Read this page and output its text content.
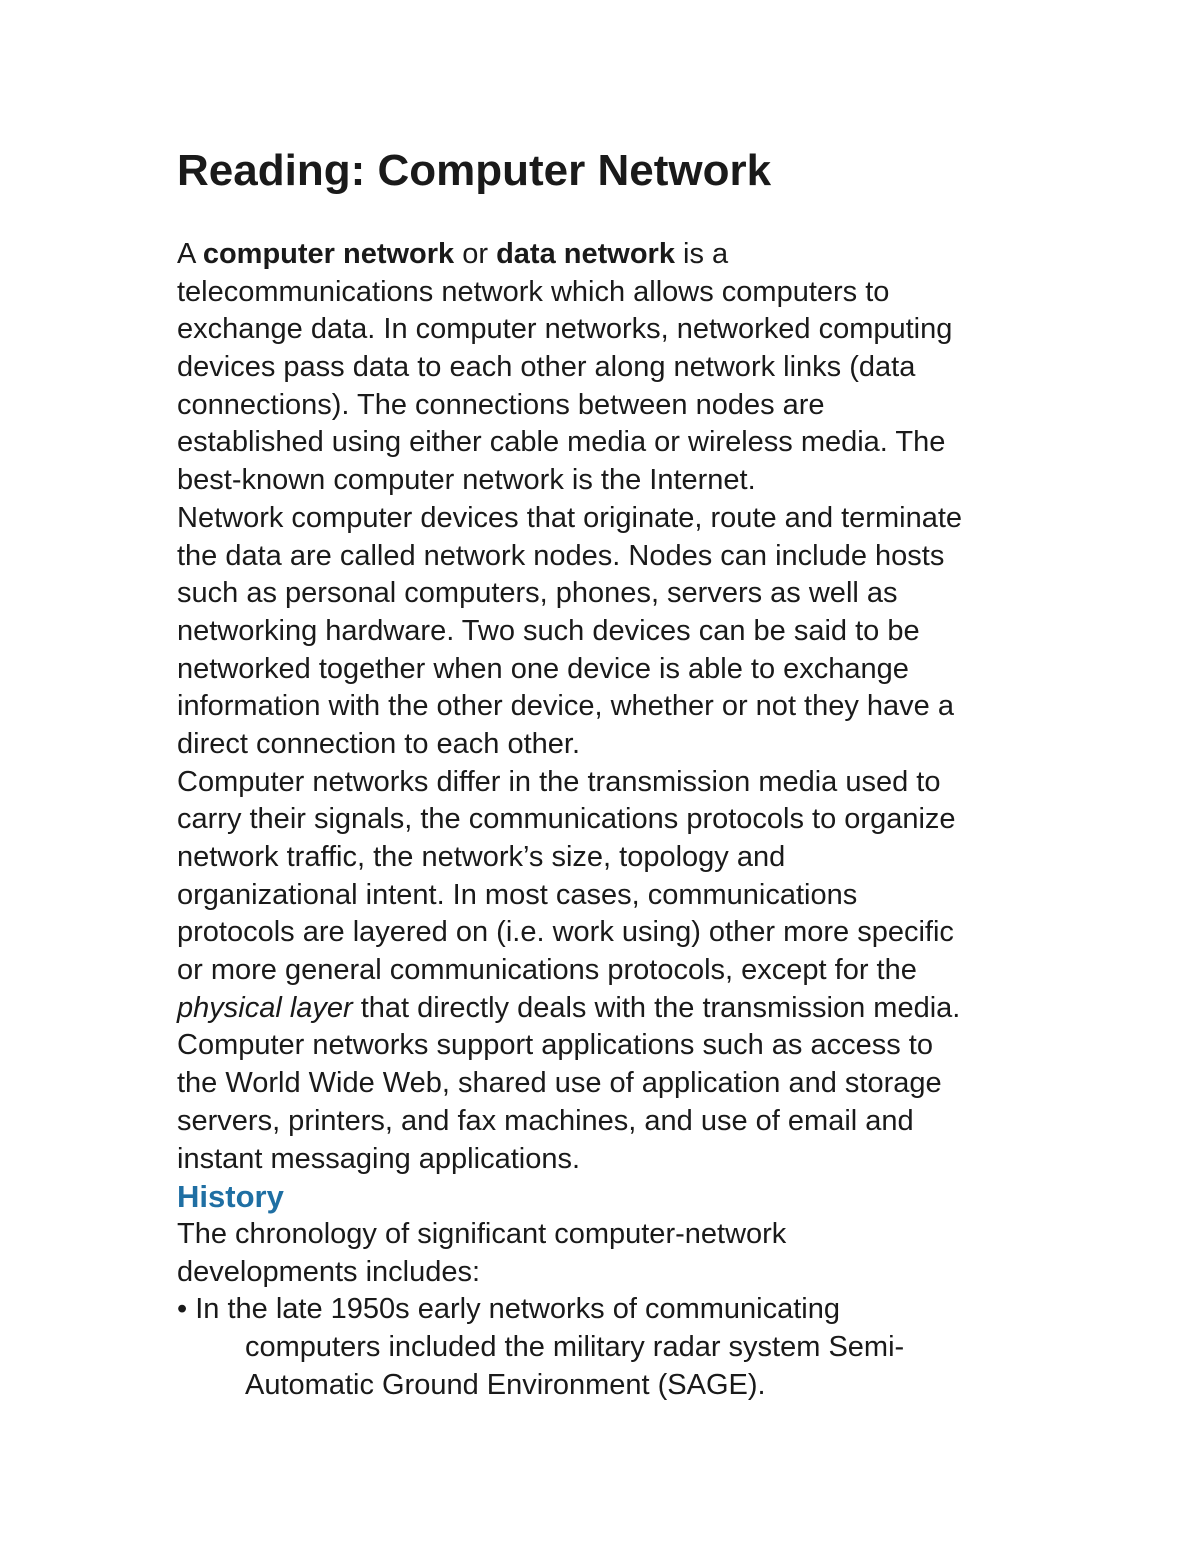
Reading: Computer Network
A computer network or data network is a
telecommunications network which allows computers to
exchange data. In computer networks, networked computing
devices pass data to each other along network links (data
connections). The connections between nodes are
established using either cable media or wireless media. The
best-known computer network is the Internet.
Network computer devices that originate, route and terminate
the data are called network nodes. Nodes can include hosts
such as personal computers, phones, servers as well as
networking hardware. Two such devices can be said to be
networked together when one device is able to exchange
information with the other device, whether or not they have a
direct connection to each other.
Computer networks differ in the transmission media used to
carry their signals, the communications protocols to organize
network traffic, the network’s size, topology and
organizational intent. In most cases, communications
protocols are layered on (i.e. work using) other more specific
or more general communications protocols, except for the
physical layer that directly deals with the transmission media.
Computer networks support applications such as access to
the World Wide Web, shared use of application and storage
servers, printers, and fax machines, and use of email and
instant messaging applications.
History
The chronology of significant computer-network
developments includes:
• In the late 1950s early networks of communicating
computers included the military radar system Semi-
Automatic Ground Environment (SAGE).
